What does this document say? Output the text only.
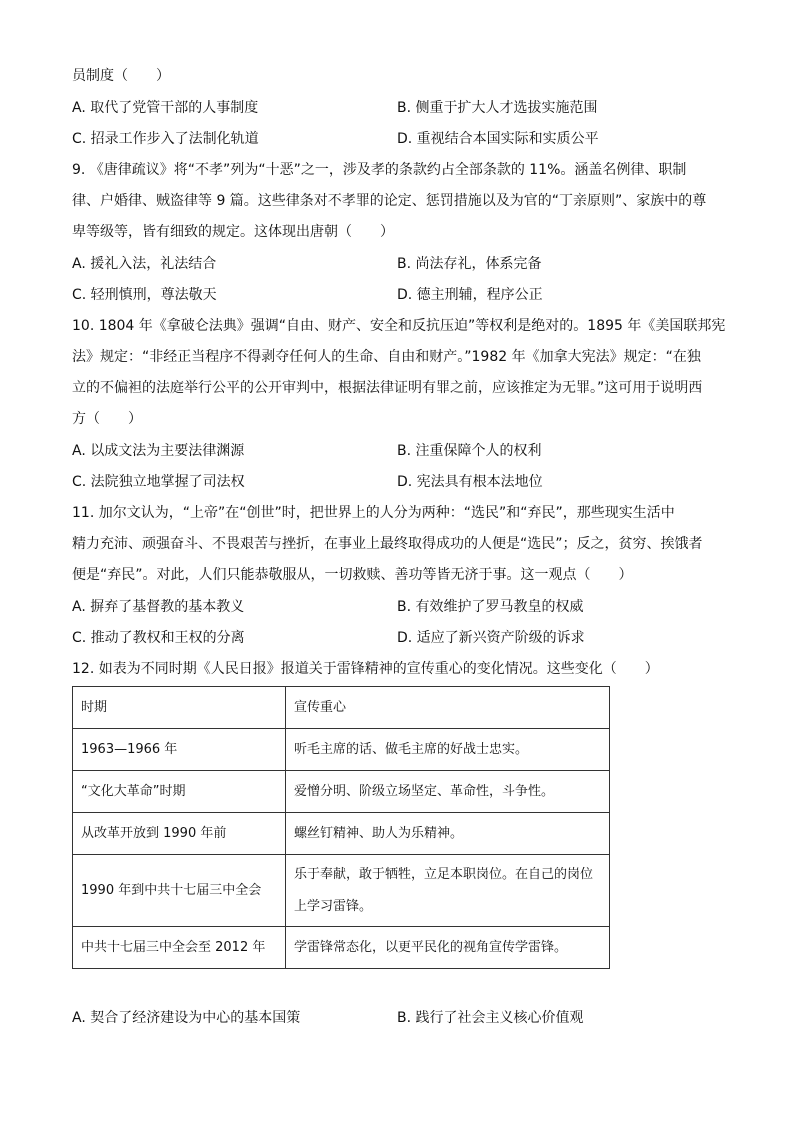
员制度（　　）
A. 取代了党管干部的人事制度	B. 侧重于扩大人才选拔实施范围
C. 招录工作步入了法制化轨道	D. 重视结合本国实际和实质公平
9. 《唐律疏议》将“不孝”列为“十恶”之一，涉及孝的条款约占全部条款的 11%。涵盖名例律、职制
律、户婚律、贼盗律等 9 篇。这些律条对不孝罪的论定、惩罚措施以及为官的“丁亲原则”、家族中的尊
卑等级等，皆有细致的规定。这体现出唐朝（　　）
A. 援礼入法，礼法结合	B. 尚法存礼，体系完备
C. 轻刑慎刑，尊法敬天	D. 德主刑辅，程序公正
10. 1804 年《拿破仑法典》强调“自由、财产、安全和反抗压迫”等权利是绝对的。1895 年《美国联邦宪
法》规定：“非经正当程序不得剥夺任何人的生命、自由和财产。”1982 年《加拿大宪法》规定：“在独
立的不偏袒的法庭举行公平的公开审判中，根据法律证明有罪之前，应该推定为无罪。”这可用于说明西
方（　　）
A. 以成文法为主要法律渊源	B. 注重保障个人的权利
C. 法院独立地掌握了司法权	D. 宪法具有根本法地位
11. 加尔文认为，“上帝”在“创世”时，把世界上的人分为两种：“选民”和“弃民”，那些现实生活中
精力充沛、顽强奋斗、不畏艰苦与挫折，在事业上最终取得成功的人便是“选民”；反之，贫穷、挨饿者
便是“弃民”。对此，人们只能恭敬服从，一切救赎、善功等皆无济于事。这一观点（　　）
A. 摒弃了基督教的基本教义	B. 有效维护了罗马教皇的权威
C. 推动了教权和王权的分离	D. 适应了新兴资产阶级的诉求
12. 如表为不同时期《人民日报》报道关于雷锋精神的宣传重心的变化情况。这些变化（　　）
时期	宣传重心
1963—1966 年	听毛主席的话、做毛主席的好战士忠实。
“文化大革命”时期	爱憎分明、阶级立场坚定、革命性，斗争性。
从改革开放到 1990 年前	螺丝钉精神、助人为乐精神。
1990 年到中共十七届三中全会	乐于奉献，敢于牺牲，立足本职岗位。在自己的岗位上学习雷锋。

中共十七届三中全会至 2012 年	学雷锋常态化，以更平民化的视角宣传学雷锋。
A. 契合了经济建设为中心的基本国策	B. 践行了社会主义核心价值观
